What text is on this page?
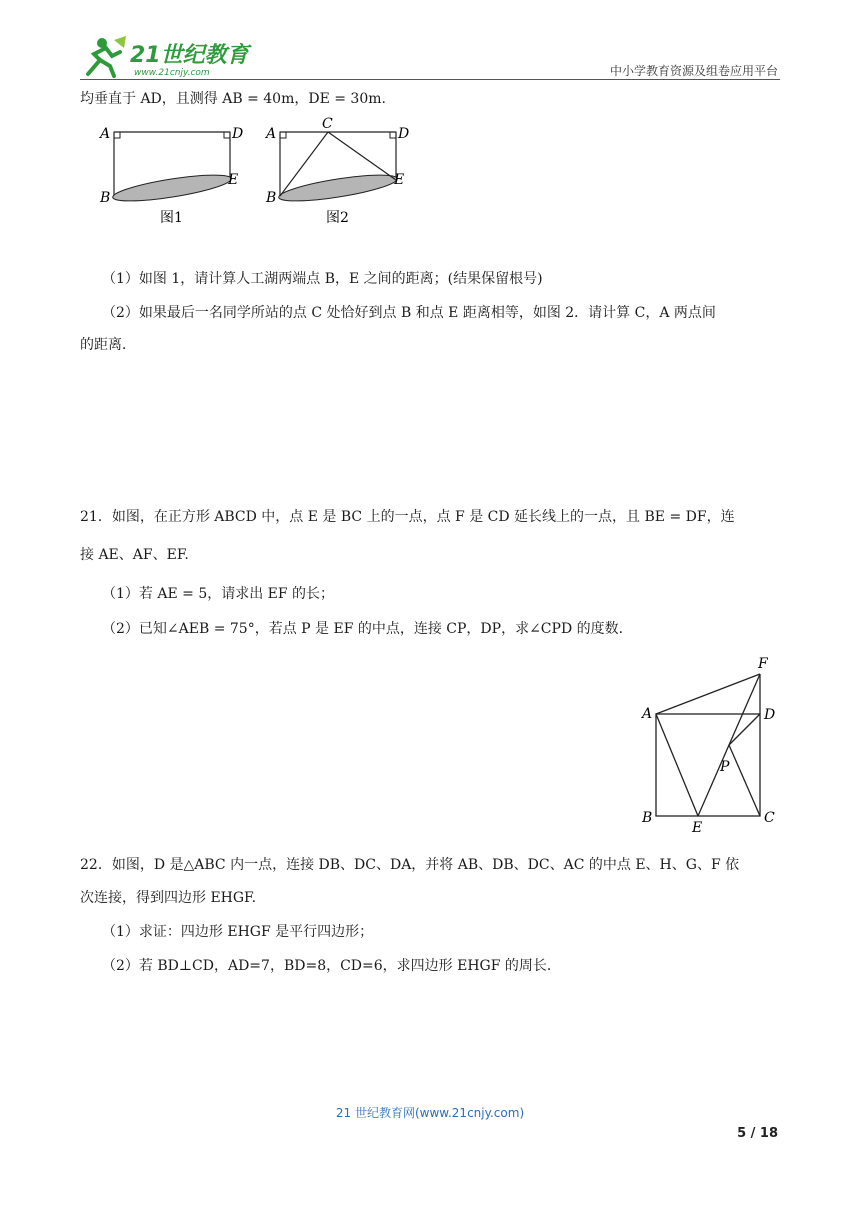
21世纪教育
www.21cnjy.com	中小学教育资源及组卷应用平台
均垂直于 AD，且测得 AB = 40m，DE = 30m.
A	D
B
E
图1
A
C
D
B
E
图2
（1）如图 1，请计算人工湖两端点 B，E 之间的距离；(结果保留根号)
（2）如果最后一名同学所站的点 C 处恰好到点 B 和点 E 距离相等，如图 2．请计算 C，A 两点间
的距离．
21．如图，在正方形 ABCD 中，点 E 是 BC 上的一点，点 F 是 CD 延长线上的一点，且 BE = DF，连
接 AE、AF、EF.
（1）若 AE = 5，请求出 EF 的长；
（2）已知∠AEB = 75°，若点 P 是 EF 的中点，连接 CP，DP，求∠CPD 的度数．
F
A	D
P
B
E
C
22．如图，D 是△ABC 内一点，连接 DB、DC、DA，并将 AB、DB、DC、AC 的中点 E、H、G、F 依
次连接，得到四边形 EHGF.
（1）求证：四边形 EHGF 是平行四边形；
（2）若 BD⊥CD，AD=7，BD=8，CD=6，求四边形 EHGF 的周长．
21 世纪教育网(www.21cnjy.com)
5 / 18
